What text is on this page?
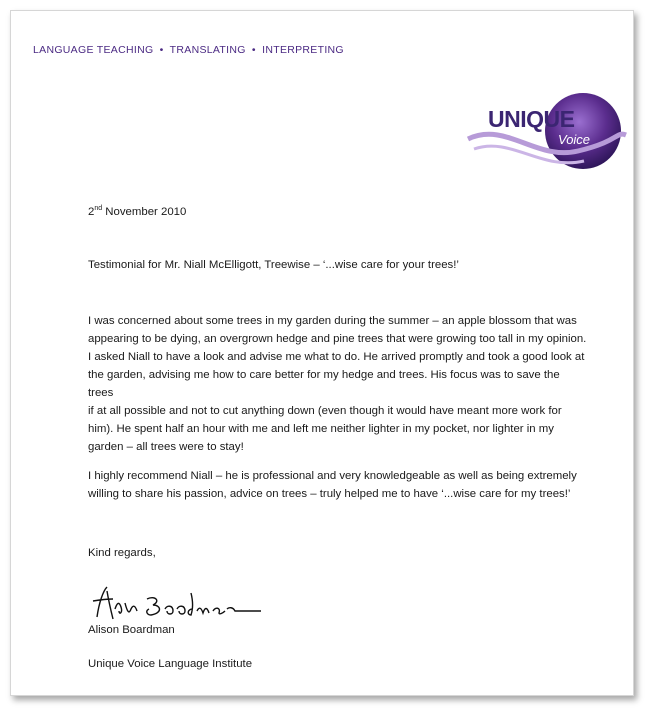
LANGUAGE TEACHING • TRANSLATING • INTERPRETING
UNIQUE
Voice
2nd November 2010
Testimonial for Mr. Niall McElligott, Treewise – ‘...wise care for your trees!’

I was concerned about some trees in my garden during the summer – an apple blossom that was

appearing to be dying, an overgrown hedge and pine trees that were growing too tall in my opinion.

I asked Niall to have a look and advise me what to do. He arrived promptly and took a good look at

the garden, advising me how to care better for my hedge and trees. His focus was to save the trees

if at all possible and not to cut anything down (even though it would have meant more work for

him). He spent half an hour with me and left me neither lighter in my pocket, nor lighter in my

garden – all trees were to stay!

I highly recommend Niall – he is professional and very knowledgeable as well as being extremely

willing to share his passion, advice on trees – truly helped me to have ‘...wise care for my trees!’

Kind regards,
Alison Boardman
Unique Voice Language Institute
